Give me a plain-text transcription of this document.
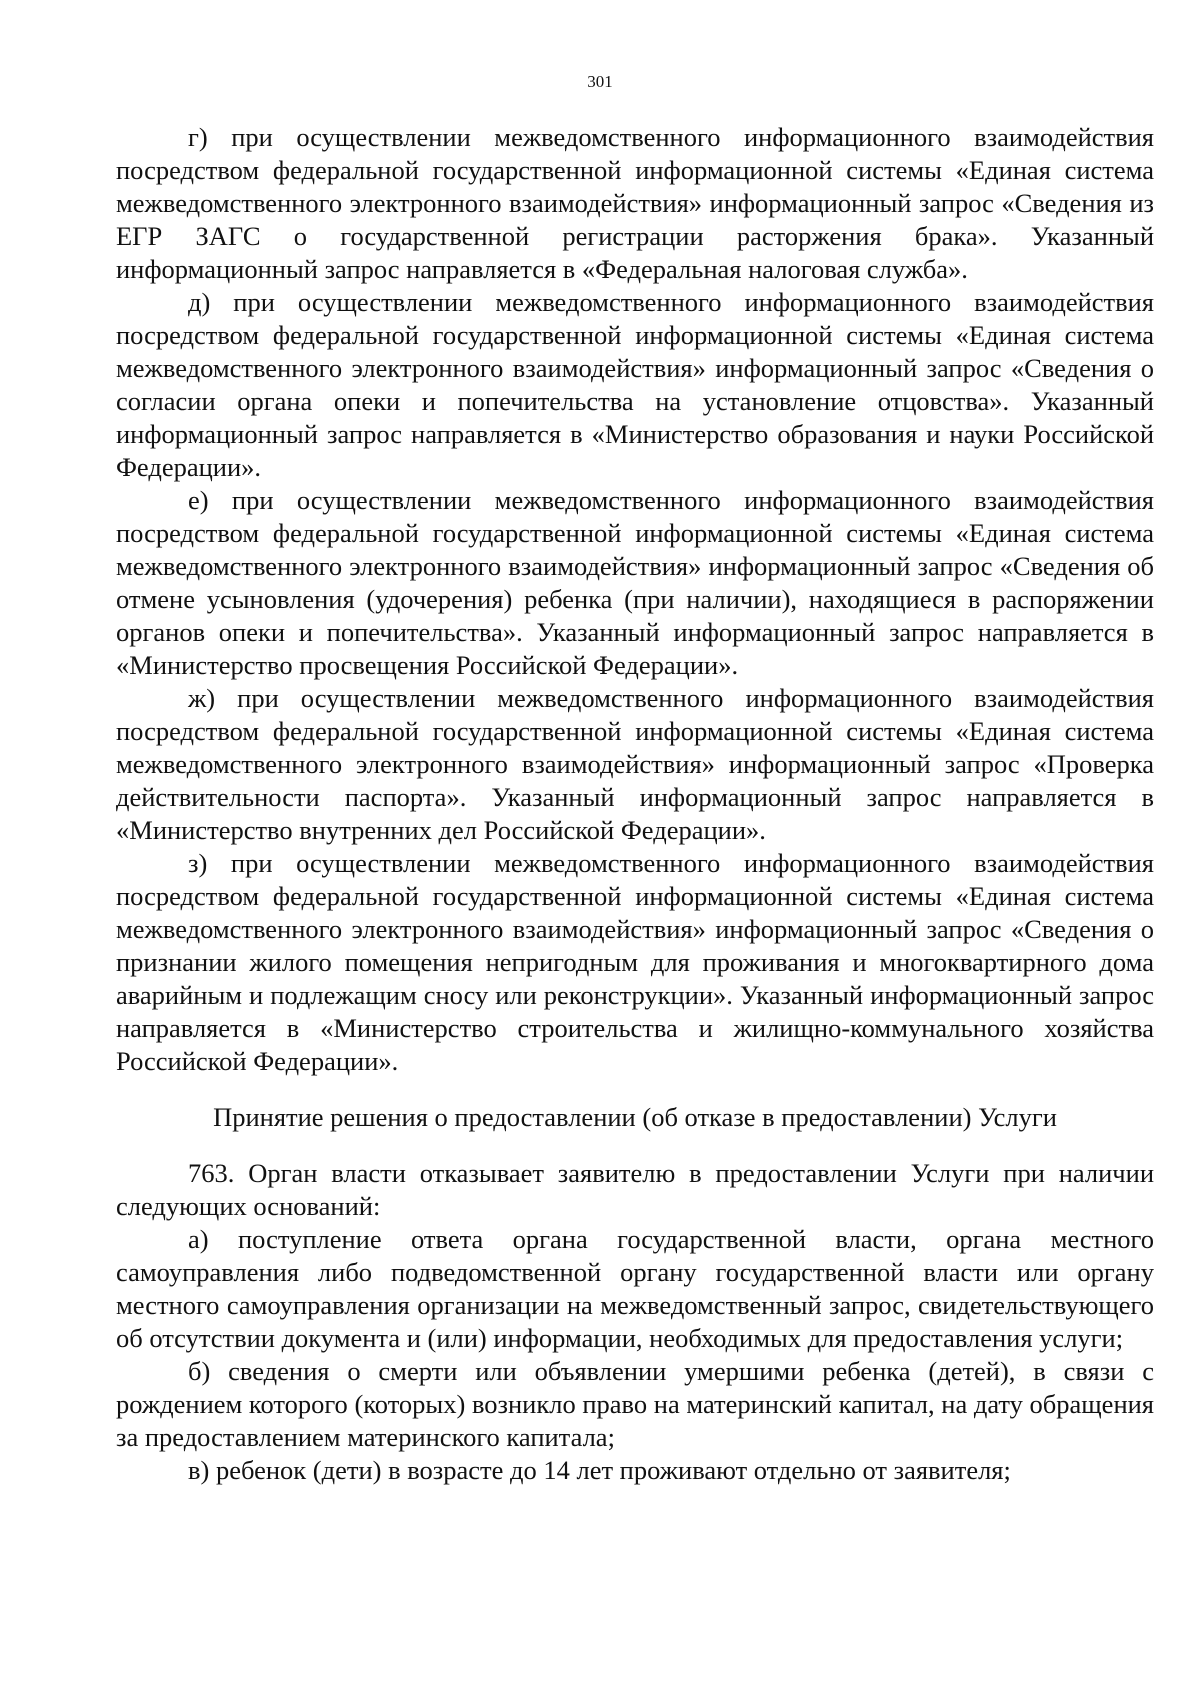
301

г) при осуществлении межведомственного информационного взаимодействия посредством федеральной государственной информационной системы «Единая система межведомственного электронного взаимодействия» информационный запрос «Сведения из ЕГР ЗАГС о государственной регистрации расторжения брака». Указанный информационный запрос направляется в «Федеральная налоговая служба».

д) при осуществлении межведомственного информационного взаимодействия посредством федеральной государственной информационной системы «Единая система межведомственного электронного взаимодействия» информационный запрос «Сведения о согласии органа опеки и попечительства на установление отцовства». Указанный информационный запрос направляется в «Министерство образования и науки Российской Федерации».

е) при осуществлении межведомственного информационного взаимодействия посредством федеральной государственной информационной системы «Единая система межведомственного электронного взаимодействия» информационный запрос «Сведения об отмене усыновления (удочерения) ребенка (при наличии), находящиеся в распоряжении органов опеки и попечительства». Указанный информационный запрос направляется в «Министерство просвещения Российской Федерации».

ж) при осуществлении межведомственного информационного взаимодействия посредством федеральной государственной информационной системы «Единая система межведомственного электронного взаимодействия» информационный запрос «Проверка действительности паспорта». Указанный информационный запрос направляется в «Министерство внутренних дел Российской Федерации».

з) при осуществлении межведомственного информационного взаимодействия посредством федеральной государственной информационной системы «Единая система межведомственного электронного взаимодействия» информационный запрос «Сведения о признании жилого помещения непригодным для проживания и многоквартирного дома аварийным и подлежащим сносу или реконструкции». Указанный информационный запрос направляется в «Министерство строительства и жилищно-коммунального хозяйства Российской Федерации».

Принятие решения о предоставлении (об отказе в предоставлении) Услуги

763. Орган власти отказывает заявителю в предоставлении Услуги при наличии следующих оснований:

а) поступление ответа органа государственной власти, органа местного самоуправления либо подведомственной органу государственной власти или органу местного самоуправления организации на межведомственный запрос, свидетельствующего об отсутствии документа и (или) информации, необходимых для предоставления услуги;

б) сведения о смерти или объявлении умершими ребенка (детей), в связи с рождением которого (которых) возникло право на материнский капитал, на дату обращения за предоставлением материнского капитала;

в) ребенок (дети) в возрасте до 14 лет проживают отдельно от заявителя;
